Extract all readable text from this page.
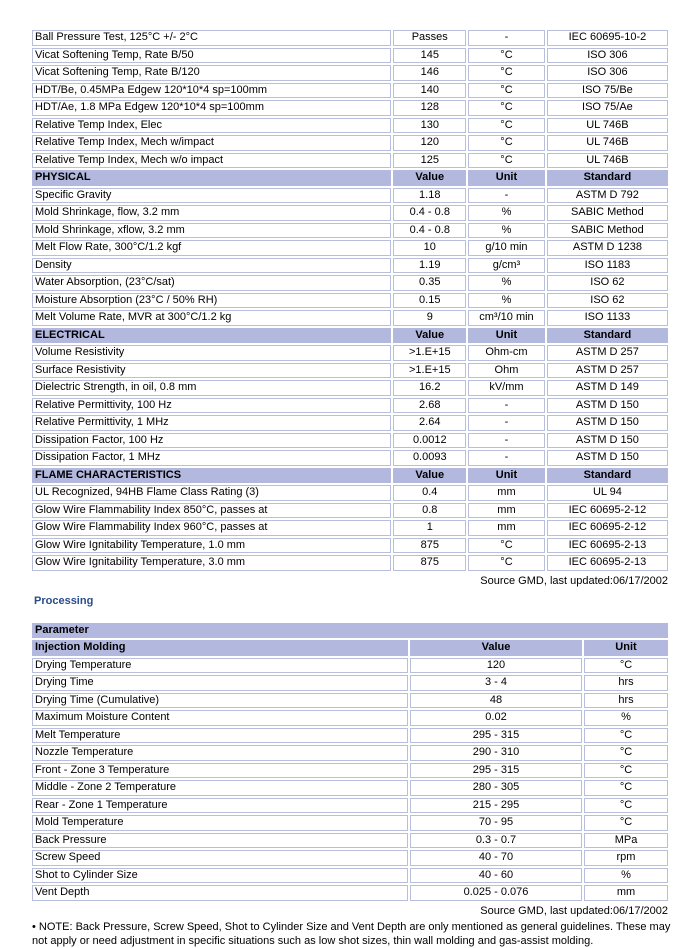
Ball Pressure Test, 125°C +/- 2°C	Passes	-	IEC 60695-10-2
Vicat Softening Temp, Rate B/50	145	°C	ISO 306
Vicat Softening Temp, Rate B/120	146	°C	ISO 306
HDT/Be, 0.45MPa Edgew 120*10*4 sp=100mm	140	°C	ISO 75/Be
HDT/Ae, 1.8 MPa Edgew 120*10*4 sp=100mm	128	°C	ISO 75/Ae
Relative Temp Index, Elec	130	°C	UL 746B
Relative Temp Index, Mech w/impact	120	°C	UL 746B
Relative Temp Index, Mech w/o impact	125	°C	UL 746B
PHYSICAL	Value	Unit	Standard
Specific Gravity	1.18	-	ASTM D 792
Mold Shrinkage, flow, 3.2 mm	0.4 - 0.8	%	SABIC Method
Mold Shrinkage, xflow, 3.2 mm	0.4 - 0.8	%	SABIC Method
Melt Flow Rate, 300°C/1.2 kgf	10	g/10 min	ASTM D 1238
Density	1.19	g/cm³	ISO 1183
Water Absorption, (23°C/sat)	0.35	%	ISO 62
Moisture Absorption (23°C / 50% RH)	0.15	%	ISO 62
Melt Volume Rate, MVR at 300°C/1.2 kg	9	cm³/10 min	ISO 1133
ELECTRICAL	Value	Unit	Standard
Volume Resistivity	>1.E+15	Ohm-cm	ASTM D 257
Surface Resistivity	>1.E+15	Ohm	ASTM D 257
Dielectric Strength, in oil, 0.8 mm	16.2	kV/mm	ASTM D 149
Relative Permittivity, 100 Hz	2.68	-	ASTM D 150
Relative Permittivity, 1 MHz	2.64	-	ASTM D 150
Dissipation Factor, 100 Hz	0.0012	-	ASTM D 150
Dissipation Factor, 1 MHz	0.0093	-	ASTM D 150
FLAME CHARACTERISTICS	Value	Unit	Standard
UL Recognized, 94HB Flame Class Rating (3)	0.4	mm	UL 94
Glow Wire Flammability Index 850°C, passes at	0.8	mm	IEC 60695-2-12
Glow Wire Flammability Index 960°C, passes at	1	mm	IEC 60695-2-12
Glow Wire Ignitability Temperature, 1.0 mm	875	°C	IEC 60695-2-13
Glow Wire Ignitability Temperature, 3.0 mm	875	°C	IEC 60695-2-13
Source GMD, last updated:06/17/2002
Processing
Parameter		
Injection Molding	Value	Unit
Drying Temperature	120	°C
Drying Time	3 - 4	hrs
Drying Time (Cumulative)	48	hrs
Maximum Moisture Content	0.02	%
Melt Temperature	295 - 315	°C
Nozzle Temperature	290 - 310	°C
Front - Zone 3 Temperature	295 - 315	°C
Middle - Zone 2 Temperature	280 - 305	°C
Rear - Zone 1 Temperature	215 - 295	°C
Mold Temperature	70 - 95	°C
Back Pressure	0.3 - 0.7	MPa
Screw Speed	40 - 70	rpm
Shot to Cylinder Size	40 - 60	%
Vent Depth	0.025 - 0.076	mm
Source GMD, last updated:06/17/2002
• NOTE: Back Pressure, Screw Speed, Shot to Cylinder Size and Vent Depth are only mentioned as general guidelines. These may not apply or need adjustment in specific situations such as low shot sizes, thin wall molding and gas-assist molding.
